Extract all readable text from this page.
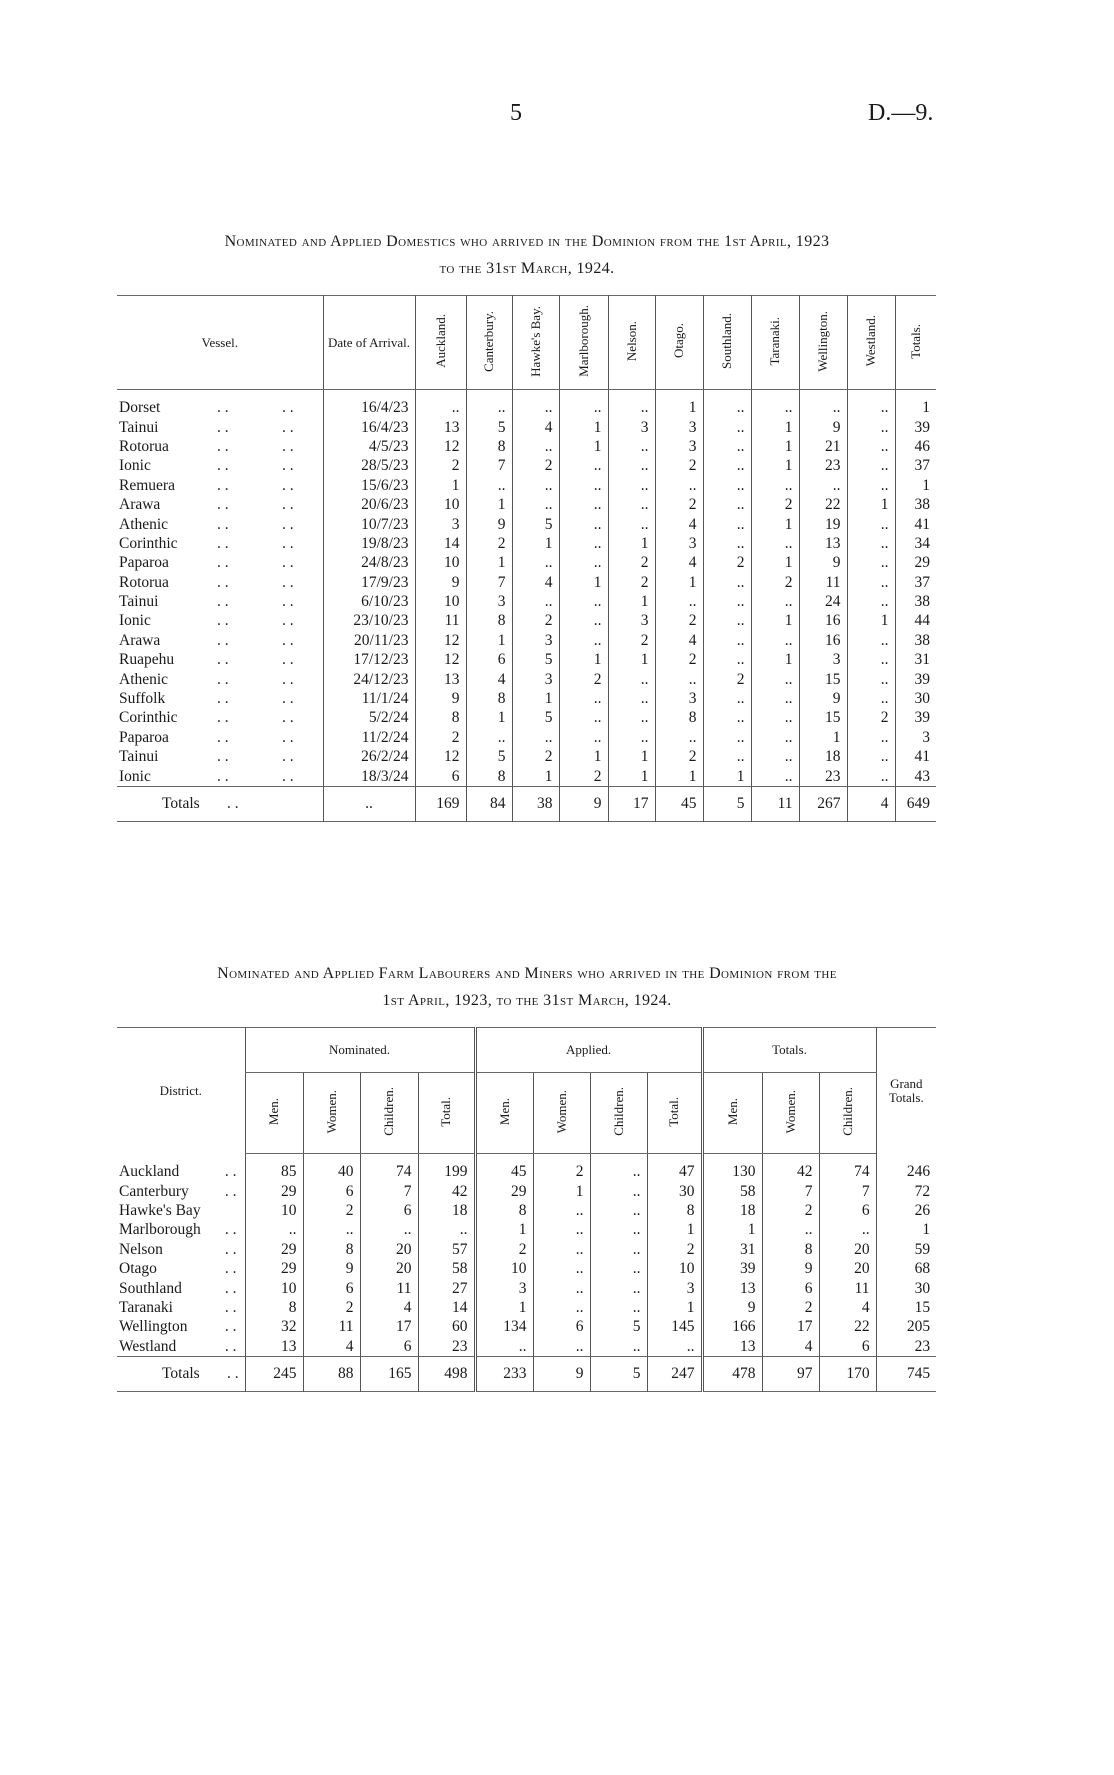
5	D.—9.
Nominated and Applied Domestics who arrived in the Dominion from the 1st April, 1923
to the 31st March, 1924.
Vessel.	Date of Arrival.	Auckland.	Canterbury.	Hawke's Bay.	Marlborough.	Nelson.	Otago.	Southland.	Taranaki.	Wellington.	Westland.	Totals.

Dorset . . . .	16/4/23	..	..	..	..	..	1	..	..	..	..	1
Tainui . . . .	16/4/23	13	5	4	1	3	3	..	1	9	..	39
Rotorua . . . .	4/5/23	12	8	..	1	..	3	..	1	21	..	46
Ionic . . . .	28/5/23	2	7	2	..	..	2	..	1	23	..	37
Remuera . . . .	15/6/23	1	..	..	..	..	..	..	..	..	..	1
Arawa . . . .	20/6/23	10	1	..	..	..	2	..	2	22	1	38
Athenic . . . .	10/7/23	3	9	5	..	..	4	..	1	19	..	41
Corinthic . . . .	19/8/23	14	2	1	..	1	3	..	..	13	..	34
Paparoa . . . .	24/8/23	10	1	..	..	2	4	2	1	9	..	29
Rotorua . . . .	17/9/23	9	7	4	1	2	1	..	2	11	..	37
Tainui . . . .	6/10/23	10	3	..	..	1	..	..	..	24	..	38
Ionic . . . .	23/10/23	11	8	2	..	3	2	..	1	16	1	44
Arawa . . . .	20/11/23	12	1	3	..	2	4	..	..	16	..	38
Ruapehu . . . .	17/12/23	12	6	5	1	1	2	..	1	3	..	31
Athenic . . . .	24/12/23	13	4	3	2	..	..	2	..	15	..	39
Suffolk . . . .	11/1/24	9	8	1	..	..	3	..	..	9	..	30
Corinthic . . . .	5/2/24	8	1	5	..	..	8	..	..	15	2	39
Paparoa . . . .	11/2/24	2	..	..	..	..	..	..	..	1	..	3
Tainui . . . .	26/2/24	12	5	2	1	1	2	..	..	18	..	41
Ionic . . . .	18/3/24	6	8	1	2	1	1	1	..	23	..	43
Totals . .	..	169	84	38	9	17	45	5	11	267	4	649
Nominated and Applied Farm Labourers and Miners who arrived in the Dominion from the
1st April, 1923, to the 31st March, 1924.
District.	Nominated.				Applied.				Totals.			Grand Totals.
	Men.	Women.	Children.	Total.	Men.	Women.	Children.	Total.	Men.	Women.	Children.	

Auckland . .	85	40	74	199	45	2	..	47	130	42	74	246
Canterbury . .	29	6	7	42	29	1	..	30	58	7	7	72
Hawke's Bay	10	2	6	18	8	..	..	8	18	2	6	26
Marlborough . .	..	..	..	..	1	..	..	1	1	..	..	1
Nelson . .	29	8	20	57	2	..	..	2	31	8	20	59
Otago . .	29	9	20	58	10	..	..	10	39	9	20	68
Southland . .	10	6	11	27	3	..	..	3	13	6	11	30
Taranaki . .	8	2	4	14	1	..	..	1	9	2	4	15
Wellington . .	32	11	17	60	134	6	5	145	166	17	22	205
Westland . .	13	4	6	23	..	..	..	..	13	4	6	23
Totals . .	245	88	165	498	233	9	5	247	478	97	170	745
